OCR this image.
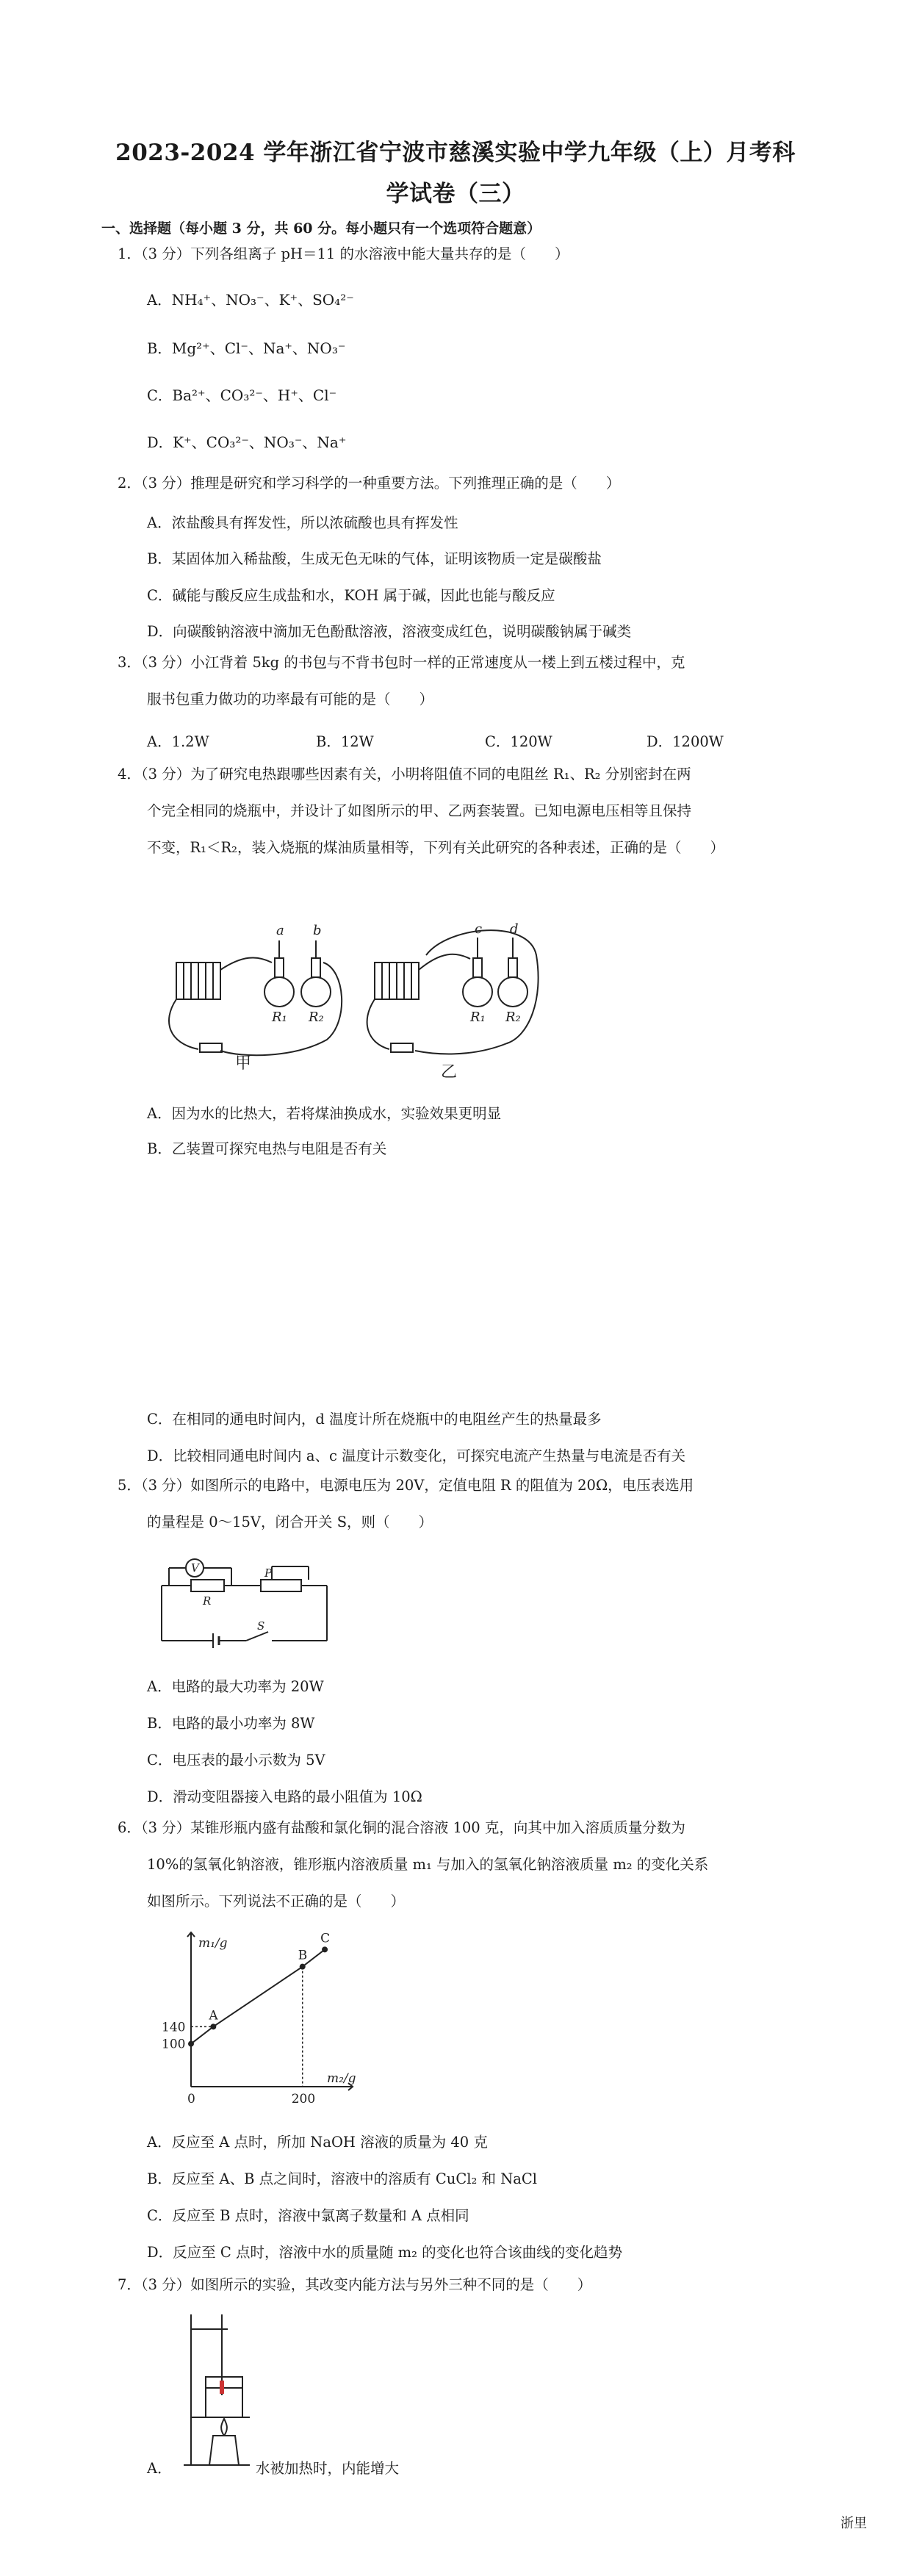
2023-2024 学年浙江省宁波市慈溪实验中学九年级（上）月考科
学试卷（三）
一、选择题（每小题 3 分，共 60 分。每小题只有一个选项符合题意）
1．（3 分）下列各组离子 pH＝11 的水溶液中能大量共存的是（　　）
A．NH₄⁺、NO₃⁻、K⁺、SO₄²⁻
B．Mg²⁺、Cl⁻、Na⁺、NO₃⁻
C．Ba²⁺、CO₃²⁻、H⁺、Cl⁻
D．K⁺、CO₃²⁻、NO₃⁻、Na⁺
2．（3 分）推理是研究和学习科学的一种重要方法。下列推理正确的是（　　）
A．浓盐酸具有挥发性，所以浓硫酸也具有挥发性
B．某固体加入稀盐酸，生成无色无味的气体，证明该物质一定是碳酸盐
C．碱能与酸反应生成盐和水，KOH 属于碱，因此也能与酸反应
D．向碳酸钠溶液中滴加无色酚酞溶液，溶液变成红色，说明碳酸钠属于碱类
3．（3 分）小江背着 5kg 的书包与不背书包时一样的正常速度从一楼上到五楼过程中，克
服书包重力做功的功率最有可能的是（　　）
A．1.2W	B．12W	C．120W	D．1200W
4．（3 分）为了研究电热跟哪些因素有关，小明将阻值不同的电阻丝 R₁、R₂ 分别密封在两
个完全相同的烧瓶中，并设计了如图所示的甲、乙两套装置。已知电源电压相等且保持
不变，R₁＜R₂，装入烧瓶的煤油质量相等，下列有关此研究的各种表述，正确的是（　　）
a b	c d
R₁ R₂	R₁ R₂
甲	乙
A．因为水的比热大，若将煤油换成水，实验效果更明显
B．乙装置可探究电热与电阻是否有关
C．在相同的通电时间内，d 温度计所在烧瓶中的电阻丝产生的热量最多
D．比较相同通电时间内 a、c 温度计示数变化，可探究电流产生热量与电流是否有关
5．（3 分）如图所示的电路中，电源电压为 20V，定值电阻 R 的阻值为 20Ω，电压表选用
的量程是 0～15V，闭合开关 S，则（　　）
V
R
P
S
A．电路的最大功率为 20W
B．电路的最小功率为 8W
C．电压表的最小示数为 5V
D．滑动变阻器接入电路的最小阻值为 10Ω
6．（3 分）某锥形瓶内盛有盐酸和氯化铜的混合溶液 100 克，向其中加入溶质质量分数为
10%的氢氧化钠溶液，锥形瓶内溶液质量 m₁ 与加入的氢氧化钠溶液质量 m₂ 的变化关系
如图所示。下列说法不正确的是（　　）
A
B
C
100
140
0	200
m₁/g
m₂/g
A．反应至 A 点时，所加 NaOH 溶液的质量为 40 克
B．反应至 A、B 点之间时，溶液中的溶质有 CuCl₂ 和 NaCl
C．反应至 B 点时，溶液中氯离子数量和 A 点相同
D．反应至 C 点时，溶液中水的质量随 m₂ 的变化也符合该曲线的变化趋势
7．（3 分）如图所示的实验，其改变内能方法与另外三种不同的是（　　）
A．	水被加热时，内能增大
浙里
